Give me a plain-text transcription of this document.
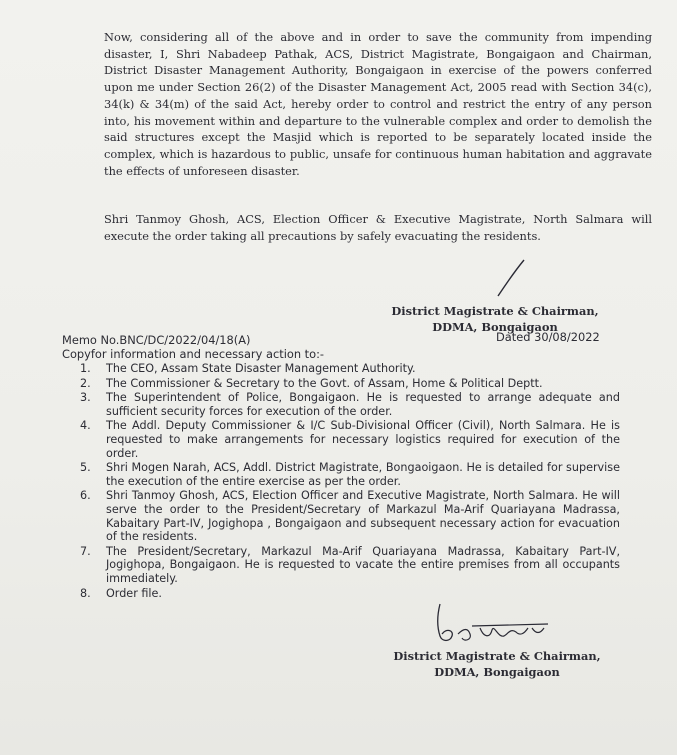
Now, considering all of the above and in order to save the community from impending disaster, I, Shri Nabadeep Pathak, ACS, District Magistrate, Bongaigaon and Chairman, District Disaster Management Authority, Bongaigaon in exercise of the powers conferred upon me under Section 26(2) of the Disaster Management Act, 2005 read with Section 34(c), 34(k) & 34(m) of the said Act, hereby order to control and restrict the entry of any person into, his movement within and departure to the vulnerable complex and order to demolish the said structures except the Masjid which is reported to be separately located inside the complex, which is hazardous to public, unsafe for continuous human habitation and aggravate the effects of unforeseen disaster.

Shri Tanmoy Ghosh, ACS, Election Officer & Executive Magistrate, North Salmara will execute the order taking all precautions by safely evacuating the residents.

District Magistrate & Chairman,
DDMA, Bongaigaon
Memo No.BNC/DC/2022/04/18(A)	Dated 30/08/2022
Copyfor information and necessary action to:-
1.	The CEO, Assam State Disaster Management Authority.
2.	The Commissioner & Secretary to the Govt. of Assam, Home & Political Deptt.
3.	The Superintendent of Police, Bongaigaon. He is requested to arrange adequate and sufficient security forces for execution of the order.
4.	The Addl. Deputy Commissioner & I/C Sub-Divisional Officer (Civil), North Salmara. He is requested to make arrangements for necessary logistics required for execution of the order.
5.	Shri Mogen Narah, ACS, Addl. District Magistrate, Bongaoigaon. He is detailed for supervise the execution of the entire exercise as per the order.
6.	Shri Tanmoy Ghosh, ACS, Election Officer and Executive Magistrate, North Salmara. He will serve the order to the President/Secretary of Markazul Ma-Arif Quariayana Madrassa, Kabaitary Part-IV, Jogighopa , Bongaigaon and subsequent necessary action for evacuation of the residents.
7.	The President/Secretary, Markazul Ma-Arif Quariayana Madrassa, Kabaitary Part-IV, Jogighopa, Bongaigaon. He is requested to vacate the entire premises from all occupants immediately.
8.	Order file.
District Magistrate & Chairman,
DDMA, Bongaigaon
